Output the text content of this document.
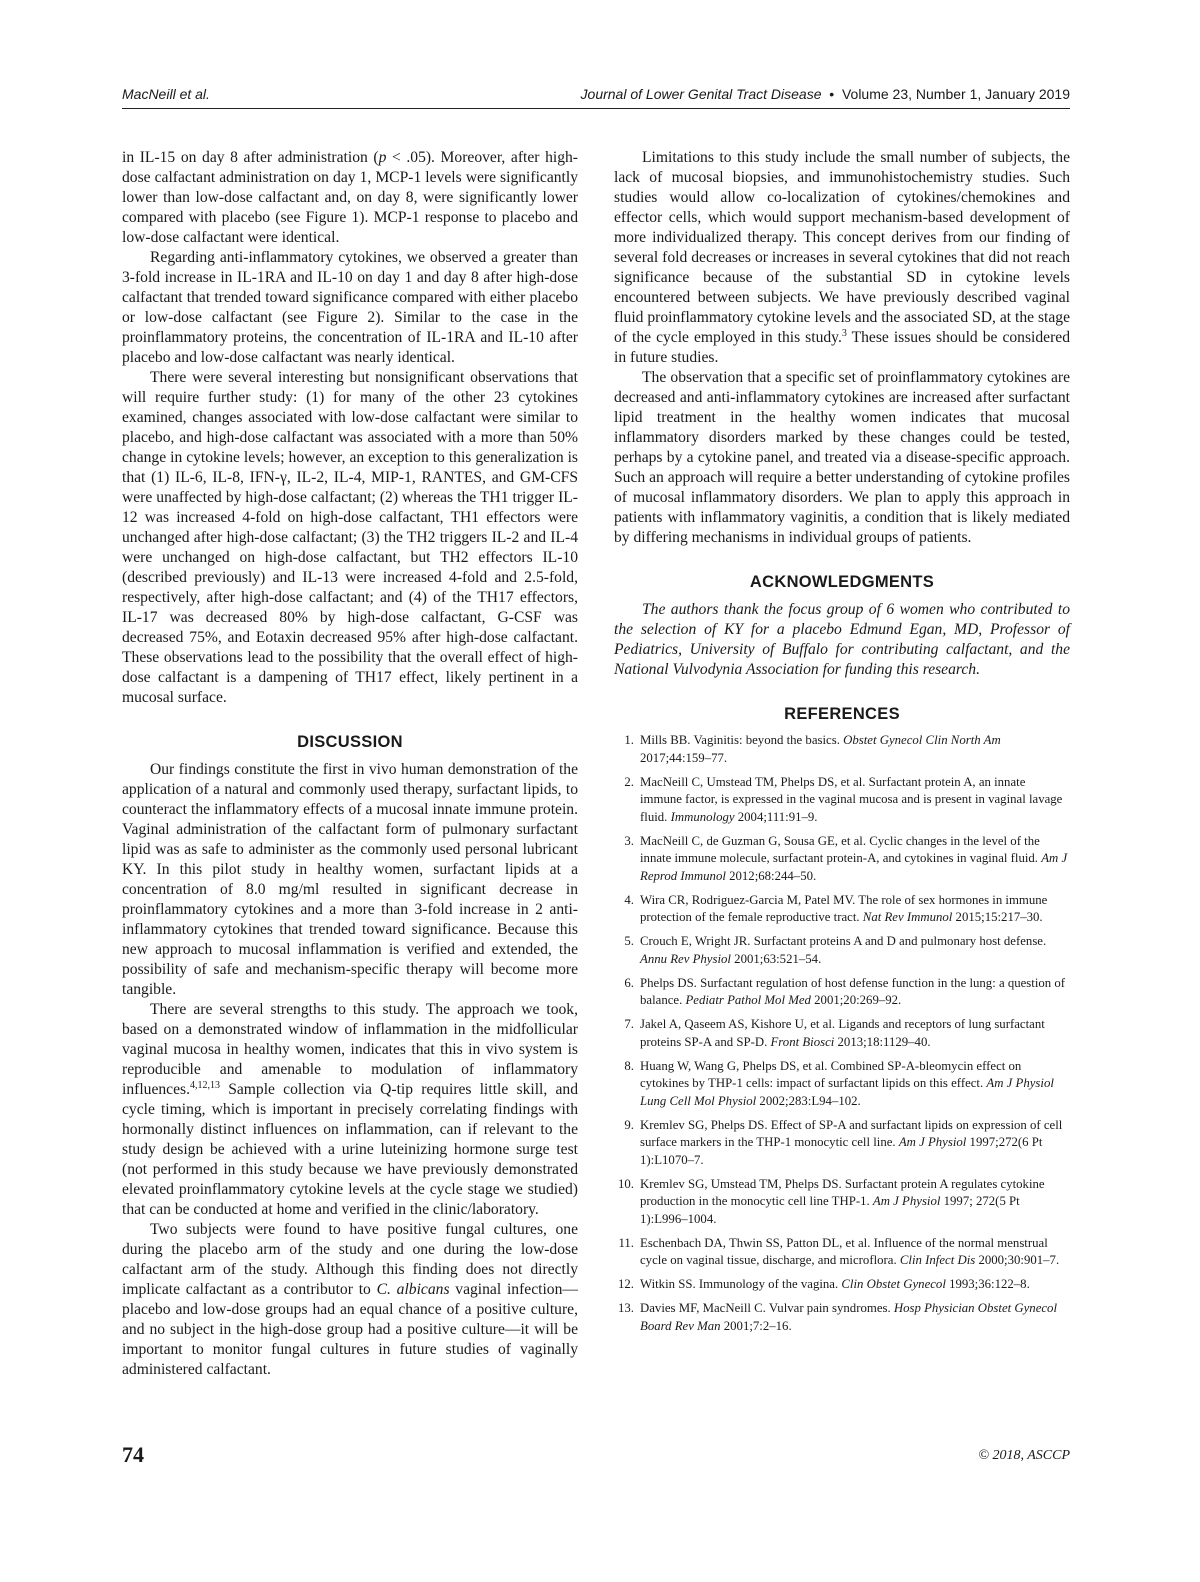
MacNeill et al.	Journal of Lower Genital Tract Disease • Volume 23, Number 1, January 2019

in IL-15 on day 8 after administration (p < .05). Moreover, after high-dose calfactant administration on day 1, MCP-1 levels were significantly lower than low-dose calfactant and, on day 8, were significantly lower compared with placebo (see Figure 1). MCP-1 response to placebo and low-dose calfactant were identical.

Regarding anti-inflammatory cytokines, we observed a greater than 3-fold increase in IL-1RA and IL-10 on day 1 and day 8 after high-dose calfactant that trended toward significance compared with either placebo or low-dose calfactant (see Figure 2). Similar to the case in the proinflammatory proteins, the concentration of IL-1RA and IL-10 after placebo and low-dose calfactant was nearly identical.

There were several interesting but nonsignificant observations that will require further study: (1) for many of the other 23 cytokines examined, changes associated with low-dose calfactant were similar to placebo, and high-dose calfactant was associated with a more than 50% change in cytokine levels; however, an exception to this generalization is that (1) IL-6, IL-8, IFN-γ, IL-2, IL-4, MIP-1, RANTES, and GM-CFS were unaffected by high-dose calfactant; (2) whereas the TH1 trigger IL-12 was increased 4-fold on high-dose calfactant, TH1 effectors were unchanged after high-dose calfactant; (3) the TH2 triggers IL-2 and IL-4 were unchanged on high-dose calfactant, but TH2 effectors IL-10 (described previously) and IL-13 were increased 4-fold and 2.5-fold, respectively, after high-dose calfactant; and (4) of the TH17 effectors, IL-17 was decreased 80% by high-dose calfactant, G-CSF was decreased 75%, and Eotaxin decreased 95% after high-dose calfactant. These observations lead to the possibility that the overall effect of high-dose calfactant is a dampening of TH17 effect, likely pertinent in a mucosal surface.

DISCUSSION

Our findings constitute the first in vivo human demonstration of the application of a natural and commonly used therapy, surfactant lipids, to counteract the inflammatory effects of a mucosal innate immune protein. Vaginal administration of the calfactant form of pulmonary surfactant lipid was as safe to administer as the commonly used personal lubricant KY. In this pilot study in healthy women, surfactant lipids at a concentration of 8.0 mg/ml resulted in significant decrease in proinflammatory cytokines and a more than 3-fold increase in 2 anti-inflammatory cytokines that trended toward significance. Because this new approach to mucosal inflammation is verified and extended, the possibility of safe and mechanism-specific therapy will become more tangible.

There are several strengths to this study. The approach we took, based on a demonstrated window of inflammation in the midfollicular vaginal mucosa in healthy women, indicates that this in vivo system is reproducible and amenable to modulation of inflammatory influences.$^{4,12,13}$ Sample collection via Q-tip requires little skill, and cycle timing, which is important in precisely correlating findings with hormonally distinct influences on inflammation, can if relevant to the study design be achieved with a urine luteinizing hormone surge test (not performed in this study because we have previously demonstrated elevated proinflammatory cytokine levels at the cycle stage we studied) that can be conducted at home and verified in the clinic/laboratory.

Two subjects were found to have positive fungal cultures, one during the placebo arm of the study and one during the low-dose calfactant arm of the study. Although this finding does not directly implicate calfactant as a contributor to C. albicans vaginal infection—placebo and low-dose groups had an equal chance of a positive culture, and no subject in the high-dose group had a positive culture—it will be important to monitor fungal cultures in future studies of vaginally administered calfactant.

Limitations to this study include the small number of subjects, the lack of mucosal biopsies, and immunohistochemistry studies. Such studies would allow co-localization of cytokines/chemokines and effector cells, which would support mechanism-based development of more individualized therapy. This concept derives from our finding of several fold decreases or increases in several cytokines that did not reach significance because of the substantial SD in cytokine levels encountered between subjects. We have previously described vaginal fluid proinflammatory cytokine levels and the associated SD, at the stage of the cycle employed in this study.$^3$ These issues should be considered in future studies.

The observation that a specific set of proinflammatory cytokines are decreased and anti-inflammatory cytokines are increased after surfactant lipid treatment in the healthy women indicates that mucosal inflammatory disorders marked by these changes could be tested, perhaps by a cytokine panel, and treated via a disease-specific approach. Such an approach will require a better understanding of cytokine profiles of mucosal inflammatory disorders. We plan to apply this approach in patients with inflammatory vaginitis, a condition that is likely mediated by differing mechanisms in individual groups of patients.

ACKNOWLEDGMENTS

The authors thank the focus group of 6 women who contributed to the selection of KY for a placebo Edmund Egan, MD, Professor of Pediatrics, University of Buffalo for contributing calfactant, and the National Vulvodynia Association for funding this research.

REFERENCES
1. Mills BB. Vaginitis: beyond the basics. Obstet Gynecol Clin North Am 2017;44:159–77.
2. MacNeill C, Umstead TM, Phelps DS, et al. Surfactant protein A, an innate immune factor, is expressed in the vaginal mucosa and is present in vaginal lavage fluid. Immunology 2004;111:91–9.
3. MacNeill C, de Guzman G, Sousa GE, et al. Cyclic changes in the level of the innate immune molecule, surfactant protein-A, and cytokines in vaginal fluid. Am J Reprod Immunol 2012;68:244–50.
4. Wira CR, Rodriguez-Garcia M, Patel MV. The role of sex hormones in immune protection of the female reproductive tract. Nat Rev Immunol 2015;15:217–30.
5. Crouch E, Wright JR. Surfactant proteins A and D and pulmonary host defense. Annu Rev Physiol 2001;63:521–54.
6. Phelps DS. Surfactant regulation of host defense function in the lung: a question of balance. Pediatr Pathol Mol Med 2001;20:269–92.
7. Jakel A, Qaseem AS, Kishore U, et al. Ligands and receptors of lung surfactant proteins SP-A and SP-D. Front Biosci 2013;18:1129–40.
8. Huang W, Wang G, Phelps DS, et al. Combined SP-A-bleomycin effect on cytokines by THP-1 cells: impact of surfactant lipids on this effect. Am J Physiol Lung Cell Mol Physiol 2002;283:L94–102.
9. Kremlev SG, Phelps DS. Effect of SP-A and surfactant lipids on expression of cell surface markers in the THP-1 monocytic cell line. Am J Physiol 1997;272(6 Pt 1):L1070–7.
10. Kremlev SG, Umstead TM, Phelps DS. Surfactant protein A regulates cytokine production in the monocytic cell line THP-1. Am J Physiol 1997; 272(5 Pt 1):L996–1004.
11. Eschenbach DA, Thwin SS, Patton DL, et al. Influence of the normal menstrual cycle on vaginal tissue, discharge, and microflora. Clin Infect Dis 2000;30:901–7.
12. Witkin SS. Immunology of the vagina. Clin Obstet Gynecol 1993;36:122–8.
13. Davies MF, MacNeill C. Vulvar pain syndromes. Hosp Physician Obstet Gynecol Board Rev Man 2001;7:2–16.
74	© 2018, ASCCP
